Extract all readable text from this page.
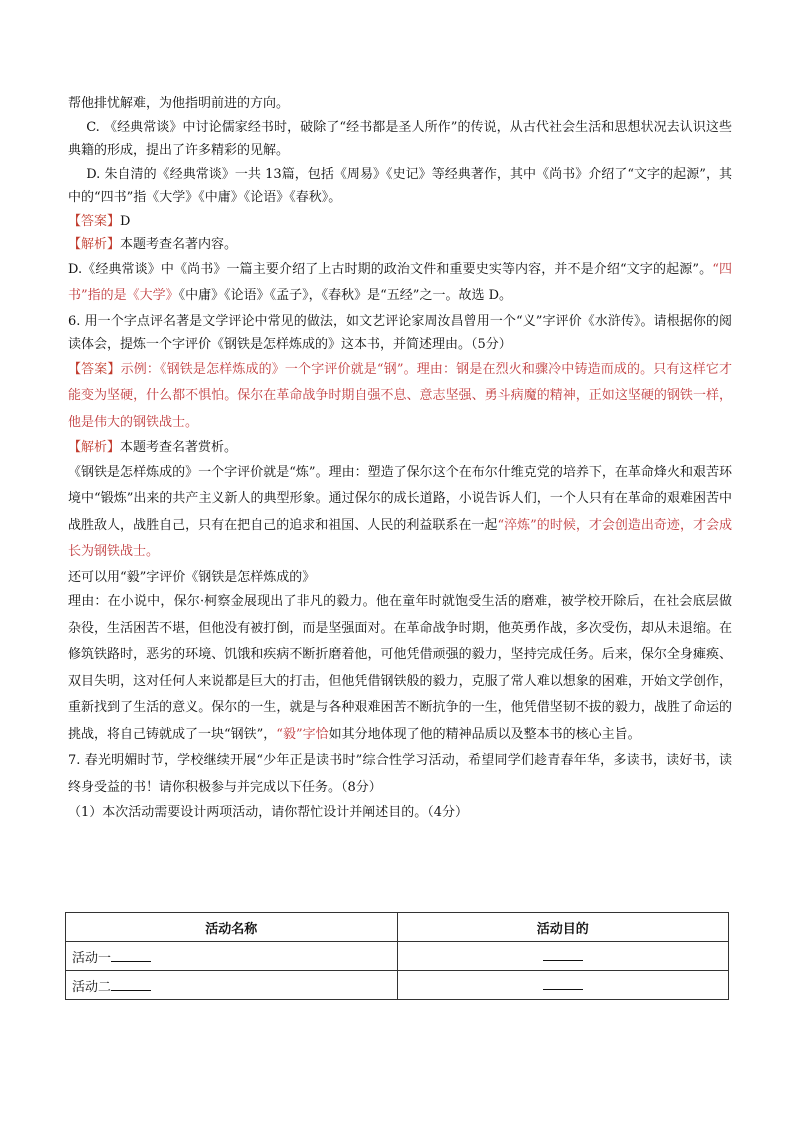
帮他排忧解难，为他指明前进的方向。

C. 《经典常谈》中讨论儒家经书时，破除了“经书都是圣人所作”的传说，从古代社会生活和思想状况去认识这些典籍的形成，提出了许多精彩的见解。

D. 朱自清的《经典常谈》一共 13篇，包括《周易》《史记》等经典著作，其中《尚书》介绍了“文字的起源”，其中的“四书”指《大学》《中庸》《论语》《春秋》。

【答案】D

【解析】本题考查名著内容。

D.《经典常谈》中《尚书》一篇主要介绍了上古时期的政治文件和重要史实等内容，并不是介绍“文字的起源”。“四书”指的是《大学》《中庸》《论语》《孟子》，《春秋》是“五经”之一。故选 D。

6. 用一个字点评名著是文学评论中常见的做法，如文艺评论家周汝昌曾用一个“义”字评价《水浒传》。请根据你的阅读体会，提炼一个字评价《钢铁是怎样炼成的》这本书，并简述理由。（5分）

【答案】示例：《钢铁是怎样炼成的》一个字评价就是“钢”。理由：钢是在烈火和骤冷中铸造而成的。只有这样它才能变为坚硬，什么都不惧怕。保尔在革命战争时期自强不息、意志坚强、勇斗病魔的精神，正如这坚硬的钢铁一样，他是伟大的钢铁战士。

【解析】本题考查名著赏析。

《钢铁是怎样炼成的》一个字评价就是“炼”。理由：塑造了保尔这个在布尔什维克党的培养下，在革命烽火和艰苦环境中“锻炼”出来的共产主义新人的典型形象。通过保尔的成长道路，小说告诉人们，一个人只有在革命的艰难困苦中战胜敌人，战胜自己，只有在把自己的追求和祖国、人民的利益联系在一起“淬炼”的时候，才会创造出奇迹，才会成长为钢铁战士。

还可以用“毅”字评价《钢铁是怎样炼成的》

理由：在小说中，保尔·柯察金展现出了非凡的毅力。他在童年时就饱受生活的磨难，被学校开除后，在社会底层做杂役，生活困苦不堪，但他没有被打倒，而是坚强面对。在革命战争时期，他英勇作战，多次受伤，却从未退缩。在修筑铁路时，恶劣的环境、饥饿和疾病不断折磨着他，可他凭借顽强的毅力，坚持完成任务。后来，保尔全身瘫痪、双目失明，这对任何人来说都是巨大的打击，但他凭借钢铁般的毅力，克服了常人难以想象的困难，开始文学创作，重新找到了生活的意义。保尔的一生，就是与各种艰难困苦不断抗争的一生，他凭借坚韧不拔的毅力，战胜了命运的挑战，将自己铸就成了一块“钢铁”，“毅”字恰如其分地体现了他的精神品质以及整本书的核心主旨。

7. 春光明媚时节，学校继续开展“少年正是读书时”综合性学习活动，希望同学们趁青春年华，多读书，读好书，读终身受益的书！请你积极参与并完成以下任务。（8分）

（1）本次活动需要设计两项活动，请你帮忙设计并阐述目的。（4分）

活动名称	活动目的
活动一	
活动二	
